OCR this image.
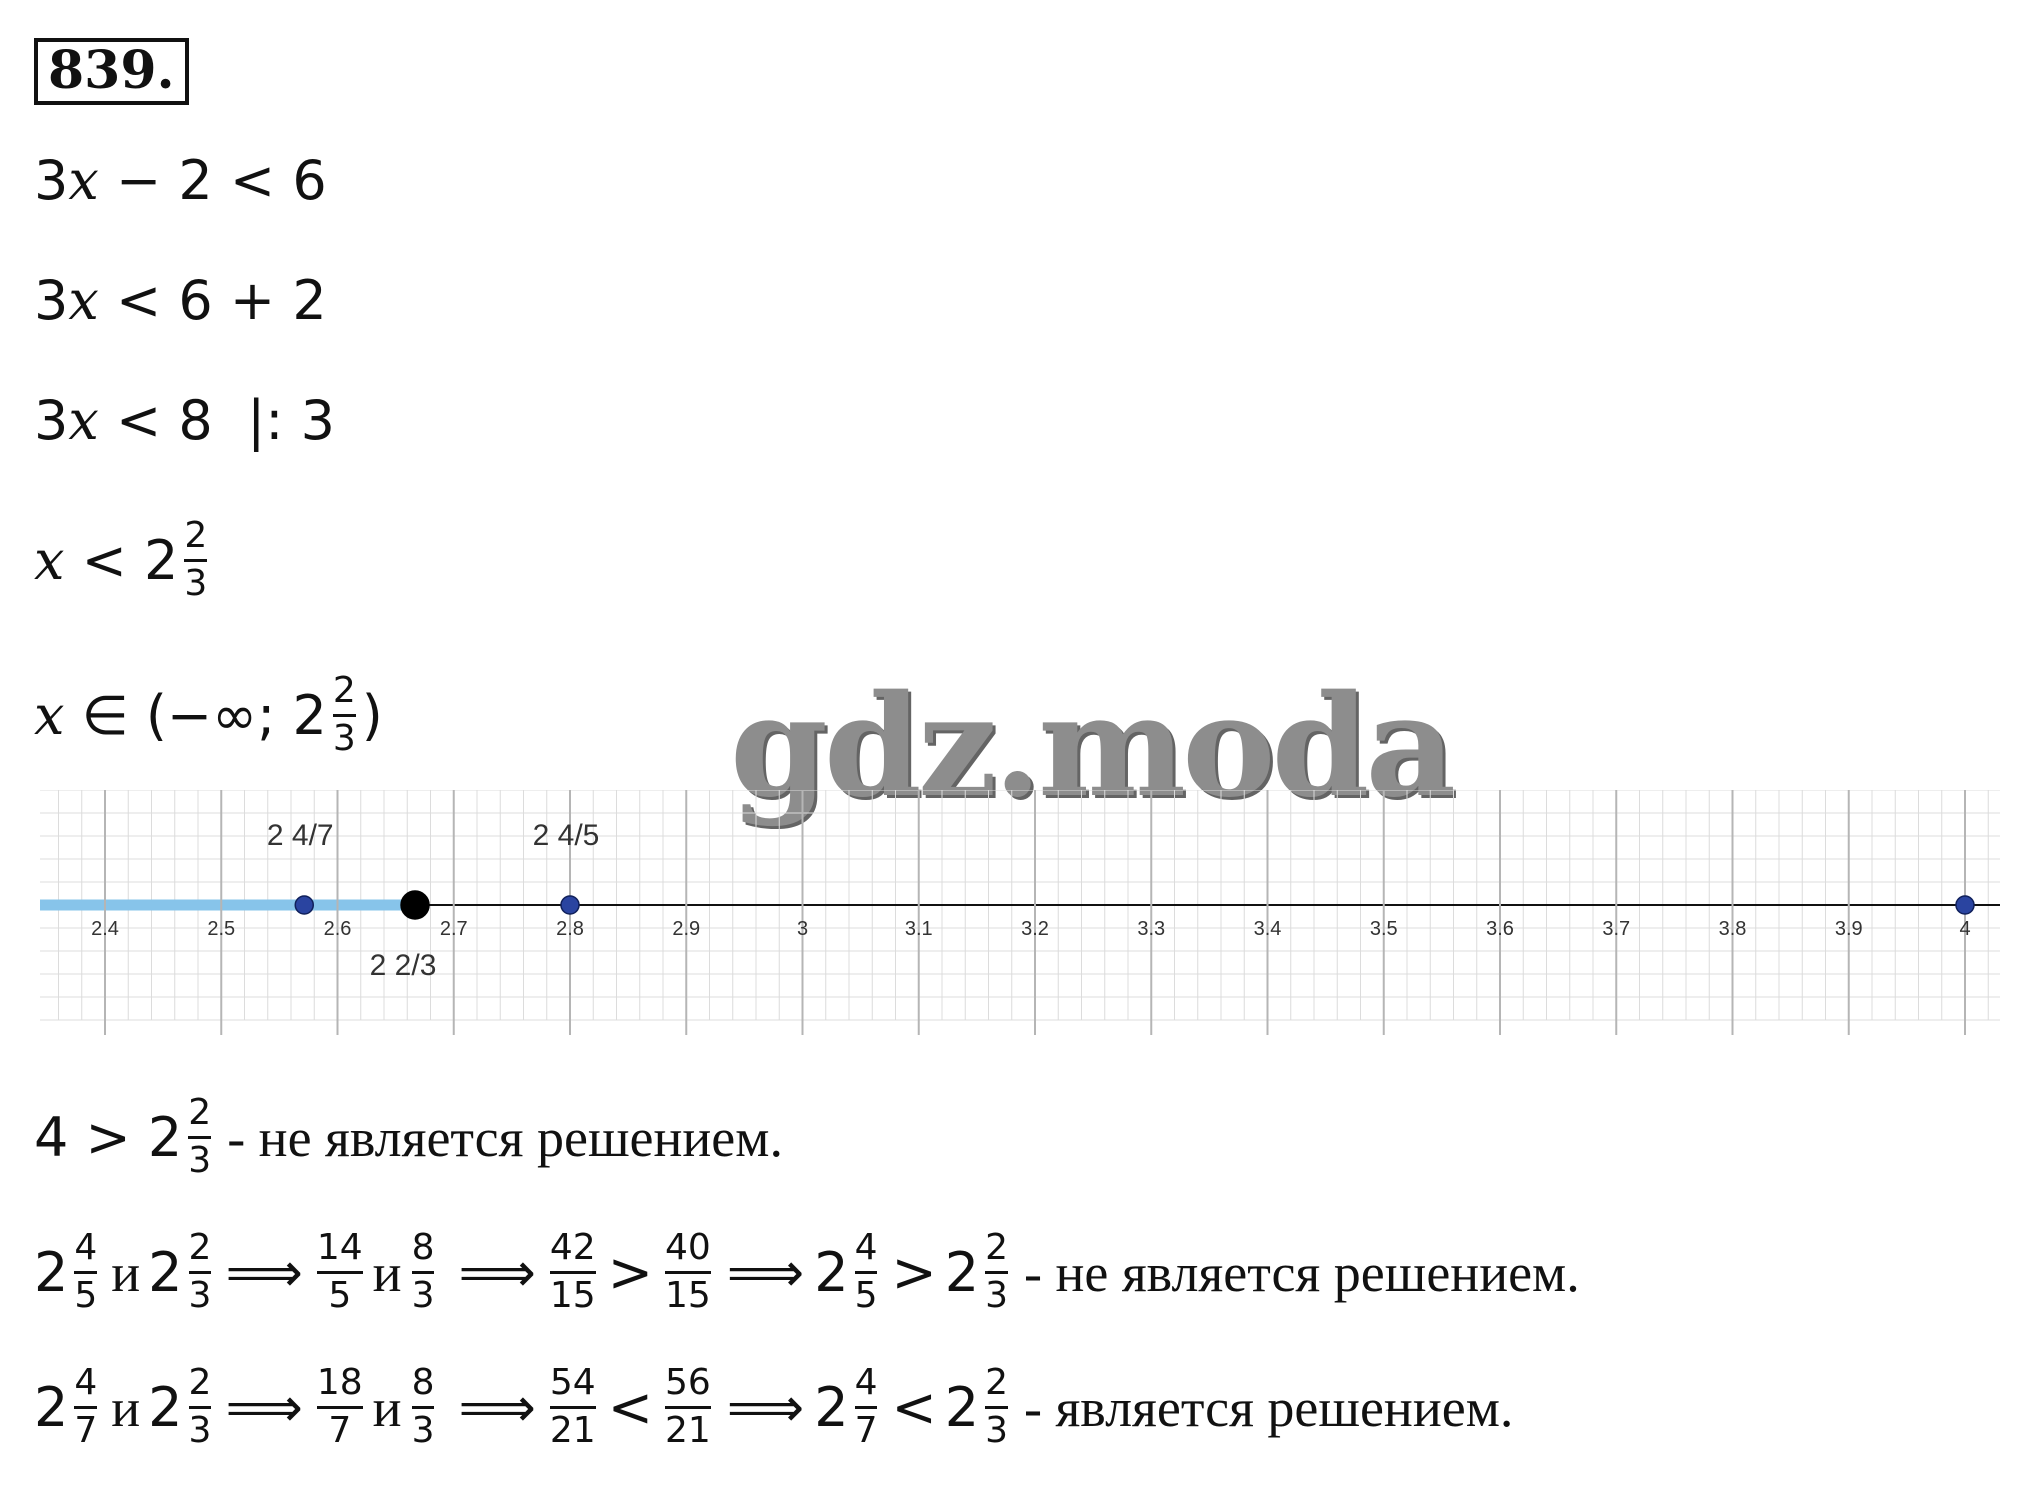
839.
3 x − 2 < 6
3 x < 6 + 2
3 x < 8  |: 3
$x < 2 \frac{2}{3}$
x ∈ (−∞; $2 \frac{2}{3}$ ) gdz.moda
2.4	2.5	2.6	2.7	2.8	2.9	3	3.1	3.2	3.3	3.4	3.5	3.6	3.7	3.8	3.9	4
2 4/7
2 2/3
2 4/5
$4 > 2 \frac{2}{3}$ - не является решением.
$2 \frac{4}{5}$ и $2 \frac{2}{3}$ ⟹ $\frac{14}{5}$ и $\frac{8}{3}$ ⟹ $\frac{42}{15} > \frac{40}{15}$ ⟹ $2 \frac{4}{5} > 2 \frac{2}{3}$ - не является решением.
$2 \frac{4}{7}$ и $2 \frac{2}{3}$ ⟹ $\frac{18}{7}$ и $\frac{8}{3}$ ⟹ $\frac{54}{21} < \frac{56}{21}$ ⟹ $2 \frac{4}{7} < 2 \frac{2}{3}$ - является решением.
